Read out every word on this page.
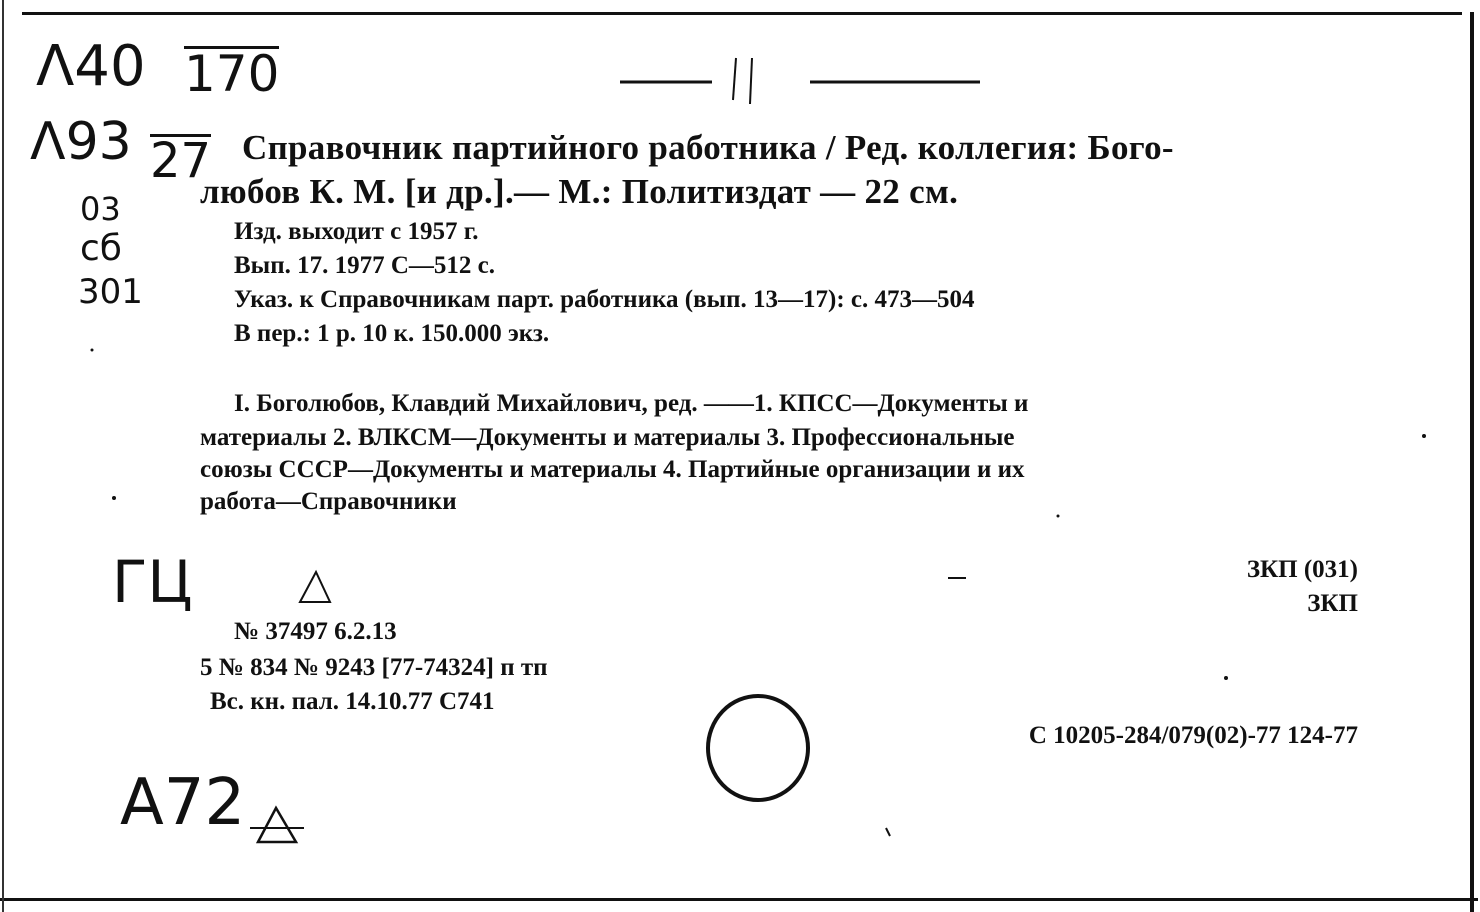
Λ40 170
Λ93 27
03
сб
301
ГЦ
А72
Справочник партийного работника / Ред. коллегия: Бого-
любов К. М. [и др.].— М.: Политиздат — 22 см.
Изд. выходит с 1957 г.
Вып. 17. 1977 С—512 с.
Указ. к Справочникам парт. работника (вып. 13—17): с. 473—504
В пер.: 1 р. 10 к. 150.000 экз.
I. Боголюбов, Клавдий Михайлович, ред. ——1. КПСС—Документы и
материалы 2. ВЛКСМ—Документы и материалы 3. Профессиональные
союзы СССР—Документы и материалы 4. Партийные организации и их
работа—Справочники
ЗКП (031)
ЗКП
№ 37497 6.2.13
5 № 834 № 9243 [77-74324] п тп
Вс. кн. пал. 14.10.77 С741
С 10205-284/079(02)-77 124-77
